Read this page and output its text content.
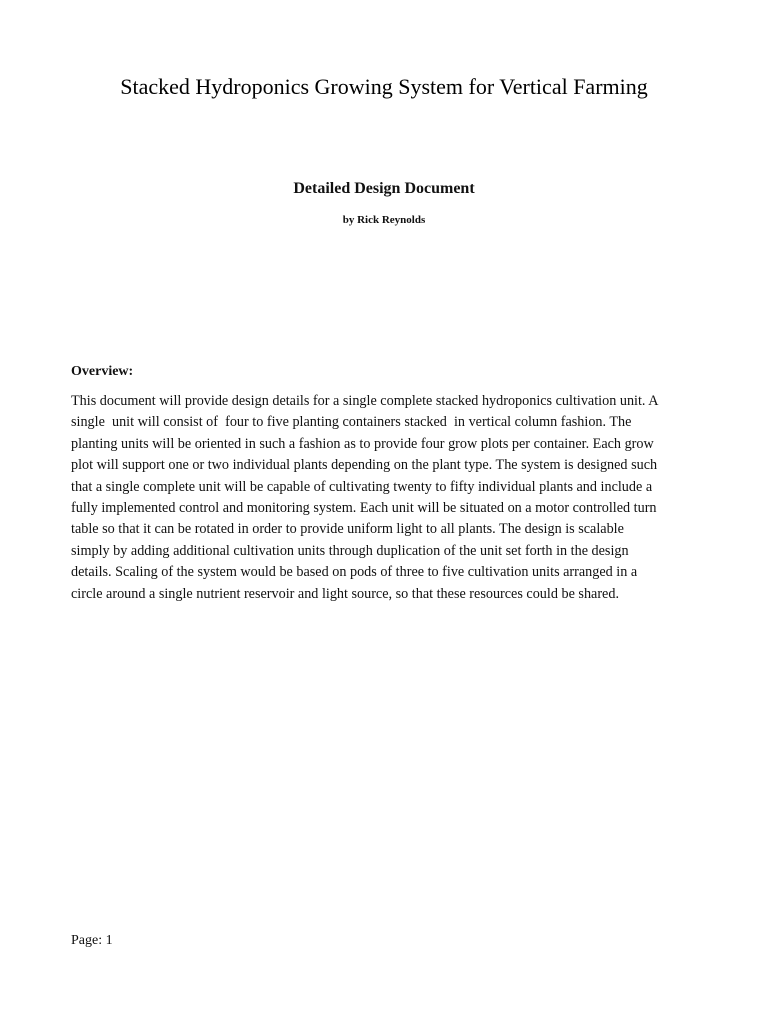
Stacked Hydroponics Growing System for Vertical Farming
Detailed Design Document
by Rick Reynolds
Overview:
This document will provide design details for a single complete stacked hydroponics cultivation unit. A
single  unit will consist of  four to five planting containers stacked  in vertical column fashion. The
planting units will be oriented in such a fashion as to provide four grow plots per container. Each grow
plot will support one or two individual plants depending on the plant type. The system is designed such
that a single complete unit will be capable of cultivating twenty to fifty individual plants and include a
fully implemented control and monitoring system. Each unit will be situated on a motor controlled turn
table so that it can be rotated in order to provide uniform light to all plants. The design is scalable
simply by adding additional cultivation units through duplication of the unit set forth in the design
details. Scaling of the system would be based on pods of three to five cultivation units arranged in a
circle around a single nutrient reservoir and light source, so that these resources could be shared.
Page: 1
